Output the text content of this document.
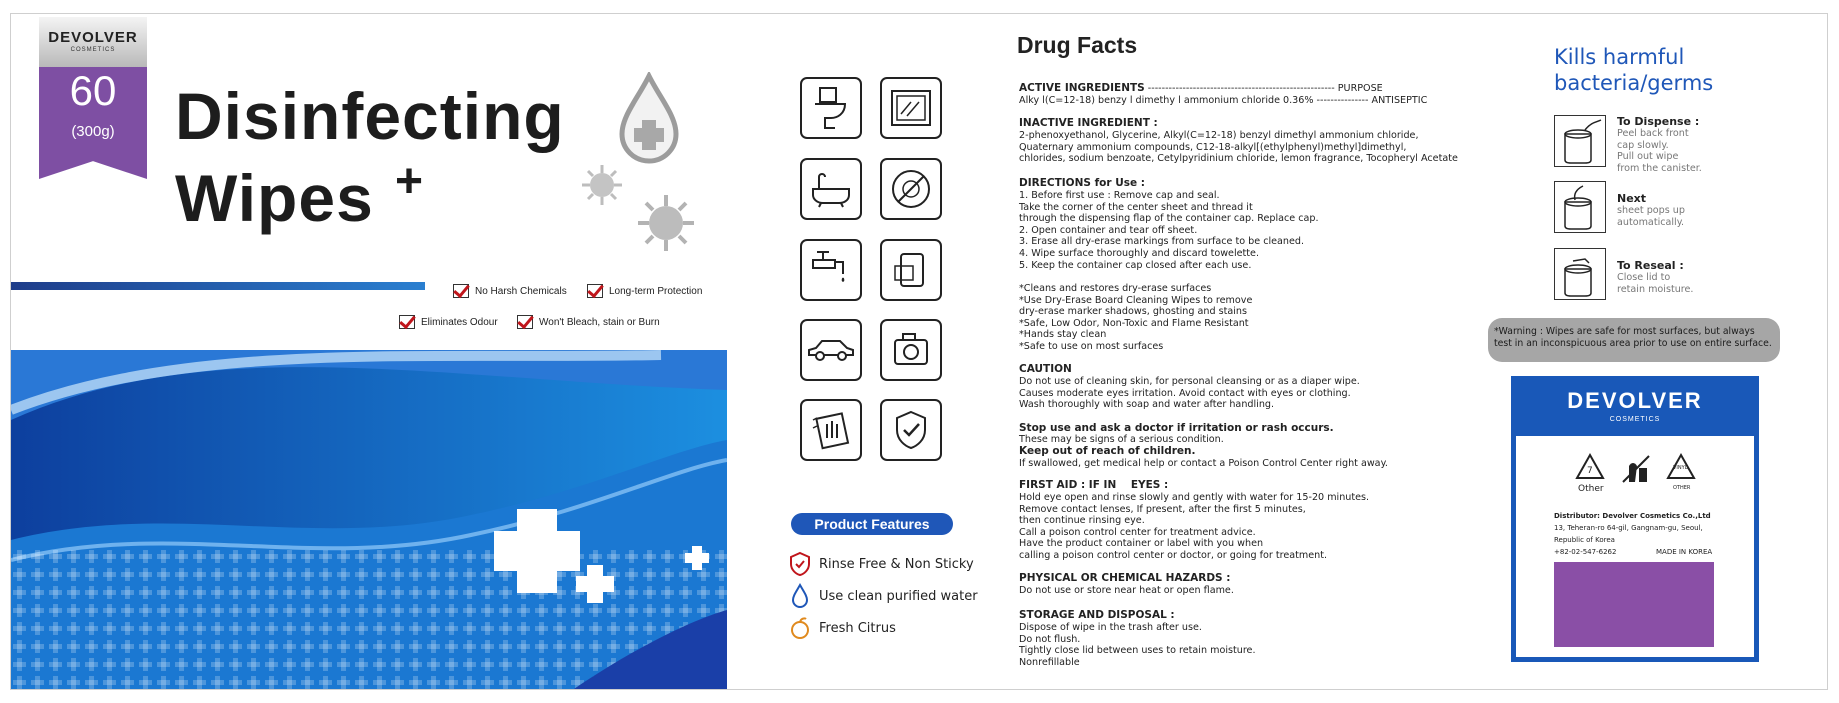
DEVOLVER
COSMETICS
60
(300g) Disinfecting
Wipes +
No Harsh Chemicals	Long-term Protection
Eliminates Odour	Won't Bleach, stain or Burn
Product Features
Rinse Free & Non Sticky
Use clean purified water
Fresh Citrus
Drug Facts
ACTIVE INGREDIENTS ------------------------------------------------------ PURPOSE
Alky l(C=12-18) benzy l dimethy l ammonium chloride 0.36% --------------- ANTISEPTIC
INACTIVE INGREDIENT :
2-phenoxyethanol, Glycerine, Alkyl(C=12-18) benzyl dimethyl ammonium chloride,
Quaternary ammonium compounds, C12-18-alkyl[(ethylphenyl)methyl]dimethyl,
chlorides, sodium benzoate, Cetylpyridinium chloride, lemon fragrance, Tocopheryl Acetate
DIRECTIONS for Use :
1. Before first use : Remove cap and seal.
Take the corner of the center sheet and thread it
through the dispensing flap of the container cap. Replace cap.
2. Open container and tear off sheet.
3. Erase all dry-erase markings from surface to be cleaned.
4. Wipe surface thoroughly and discard towelette.
5. Keep the container cap closed after each use.
*Cleans and restores dry-erase surfaces
*Use Dry-Erase Board Cleaning Wipes to remove
dry-erase marker shadows, ghosting and stains
*Safe, Low Odor, Non-Toxic and Flame Resistant
*Hands stay clean
*Safe to use on most surfaces
CAUTION
Do not use of cleaning skin, for personal cleansing or as a diaper wipe.
Causes moderate eyes irritation. Avoid contact with eyes or clothing.
Wash thoroughly with soap and water after handling.
Stop use and ask a doctor if irritation or rash occurs.
These may be signs of a serious condition.
Keep out of reach of children.
If swallowed, get medical help or contact a Poison Control Center right away.
FIRST AID : IF IN    EYES :
Hold eye open and rinse slowly and gently with water for 15-20 minutes.
Remove contact lenses, If present, after the first 5 minutes,
then continue rinsing eye.
Call a poison control center for treatment advice.
Have the product container or label with you when
calling a poison control center or doctor, or going for treatment.
PHYSICAL OR CHEMICAL HAZARDS :
Do not use or store near heat or open flame.
STORAGE AND DISPOSAL :
Dispose of wipe in the trash after use.
Do not flush.
Tightly close lid between uses to retain moisture.
Nonrefillable
Kills harmful
bacteria/germs
To Dispense :
Peel back front
cap slowly.
Pull out wipe
from the canister.
Next
sheet pops up
automatically.
To Reseal :
Close lid to
retain moisture.
*Warning : Wipes are safe for most surfaces, but always test in an inconspicuous area prior to use on entire surface.
DEVOLVER
COSMETICS
7
Other
VINYL
OTHER
Distributor: Devolver Cosmetics Co.,Ltd
13, Teheran-ro 64-gil, Gangnam-gu, Seoul,
Republic of Korea
+82-02-547-6262	MADE IN KOREA
